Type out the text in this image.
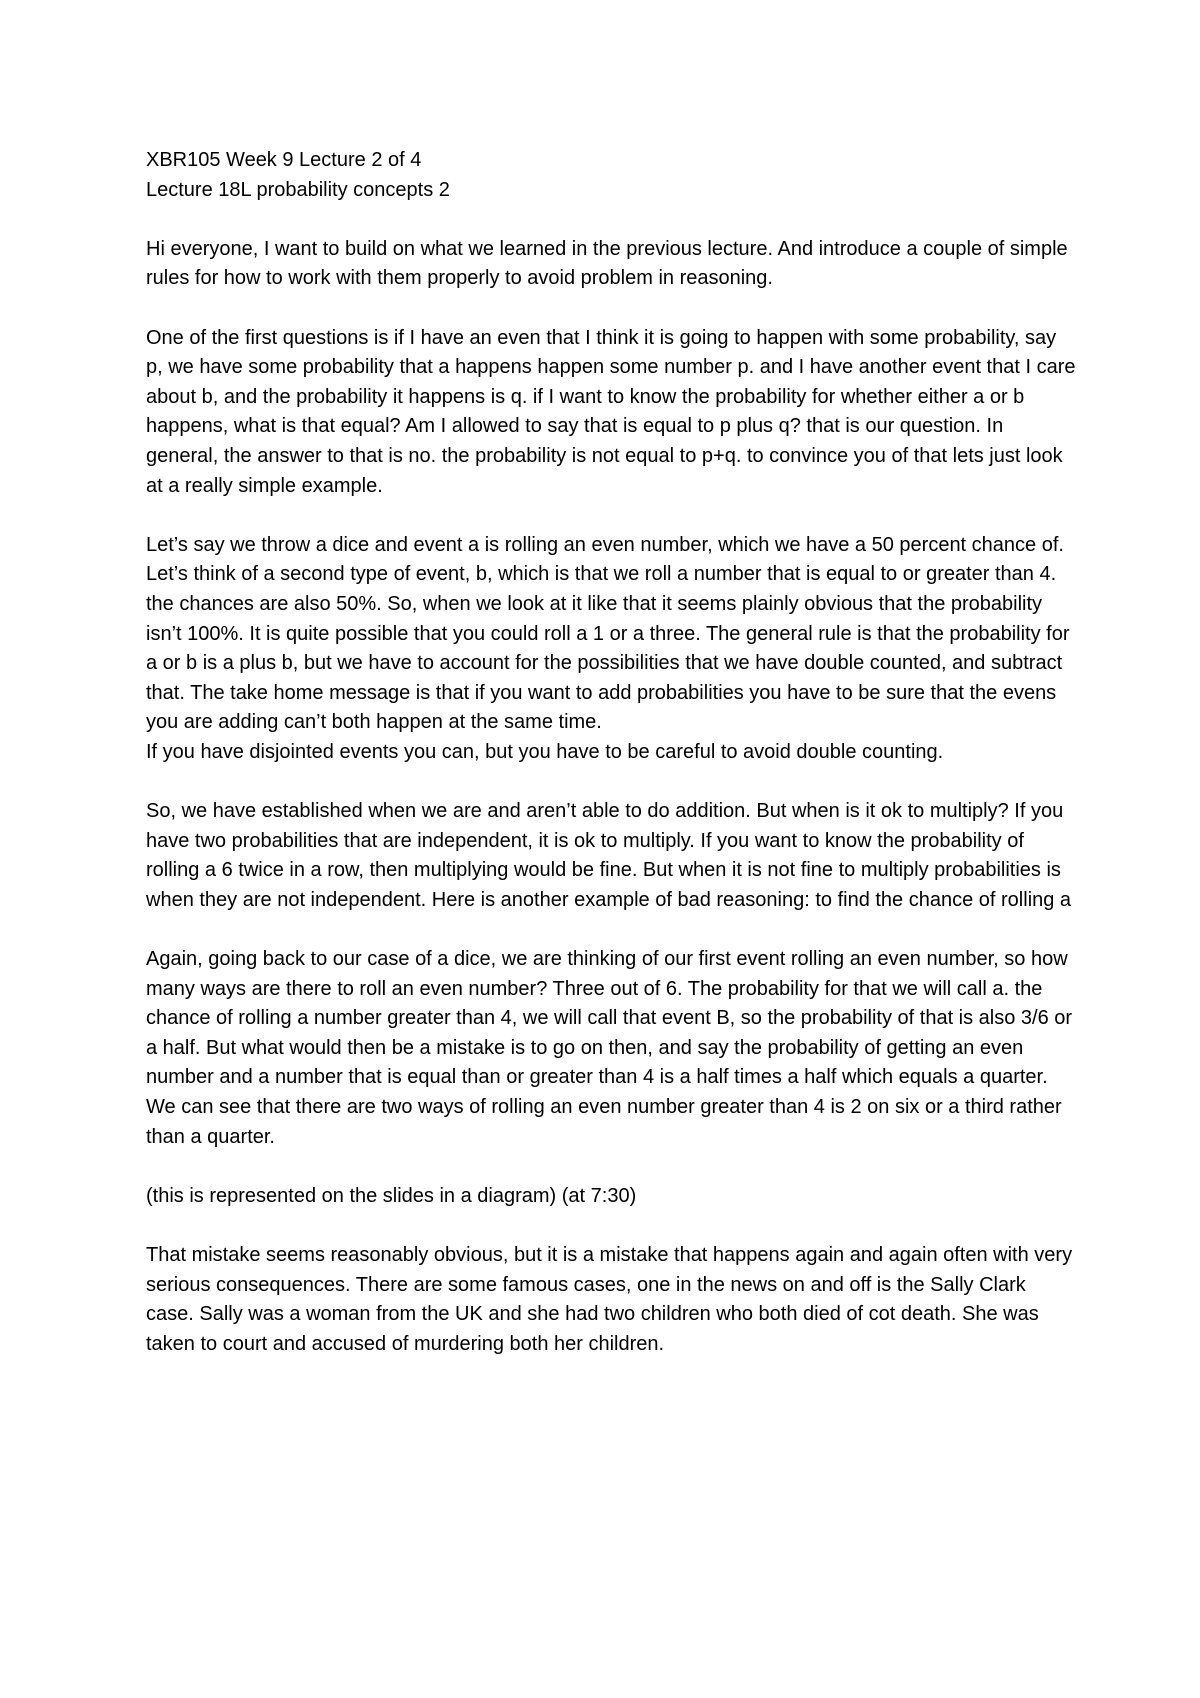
XBR105 Week 9 Lecture 2 of 4

Lecture 18L probability concepts 2

Hi everyone, I want to build on what we learned in the previous lecture. And introduce a couple of simple rules for how to work with them properly to avoid problem in reasoning.

One of the first questions is if I have an even that I think it is going to happen with some probability, say p, we have some probability that a happens happen some number p. and I have another event that I care about b, and the probability it happens is q. if I want to know the probability for whether either a or b happens, what is that equal? Am I allowed to say that is equal to p plus q? that is our question. In general, the answer to that is no. the probability is not equal to p+q. to convince you of that lets just look at a really simple example.

Let’s say we throw a dice and event a is rolling an even number, which we have a 50 percent chance of.

Let’s think of a second type of event, b, which is that we roll a number that is equal to or greater than 4. the chances are also 50%. So, when we look at it like that it seems plainly obvious that the probability isn’t 100%. It is quite possible that you could roll a 1 or a three. The general rule is that the probability for a or b is a plus b, but we have to account for the possibilities that we have double counted, and subtract that. The take home message is that if you want to add probabilities you have to be sure that the evens you are adding can’t both happen at the same time.

If you have disjointed events you can, but you have to be careful to avoid double counting.

So, we have established when we are and aren’t able to do addition. But when is it ok to multiply? If you have two probabilities that are independent, it is ok to multiply. If you want to know the probability of rolling a 6 twice in a row, then multiplying would be fine. But when it is not fine to multiply probabilities is when they are not independent. Here is another example of bad reasoning: to find the chance of rolling a

Again, going back to our case of a dice, we are thinking of our first event rolling an even number, so how many ways are there to roll an even number? Three out of 6. The probability for that we will call a. the chance of rolling a number greater than 4, we will call that event B, so the probability of that is also 3/6 or a half. But what would then be a mistake is to go on then, and say the probability of getting an even number and a number that is equal than or greater than 4 is a half times a half which equals a quarter. We can see that there are two ways of rolling an even number greater than 4 is 2 on six or a third rather than a quarter.

(this is represented on the slides in a diagram) (at 7:30)

That mistake seems reasonably obvious, but it is a mistake that happens again and again often with very serious consequences. There are some famous cases, one in the news on and off is the Sally Clark case. Sally was a woman from the UK and she had two children who both died of cot death. She was taken to court and accused of murdering both her children.
